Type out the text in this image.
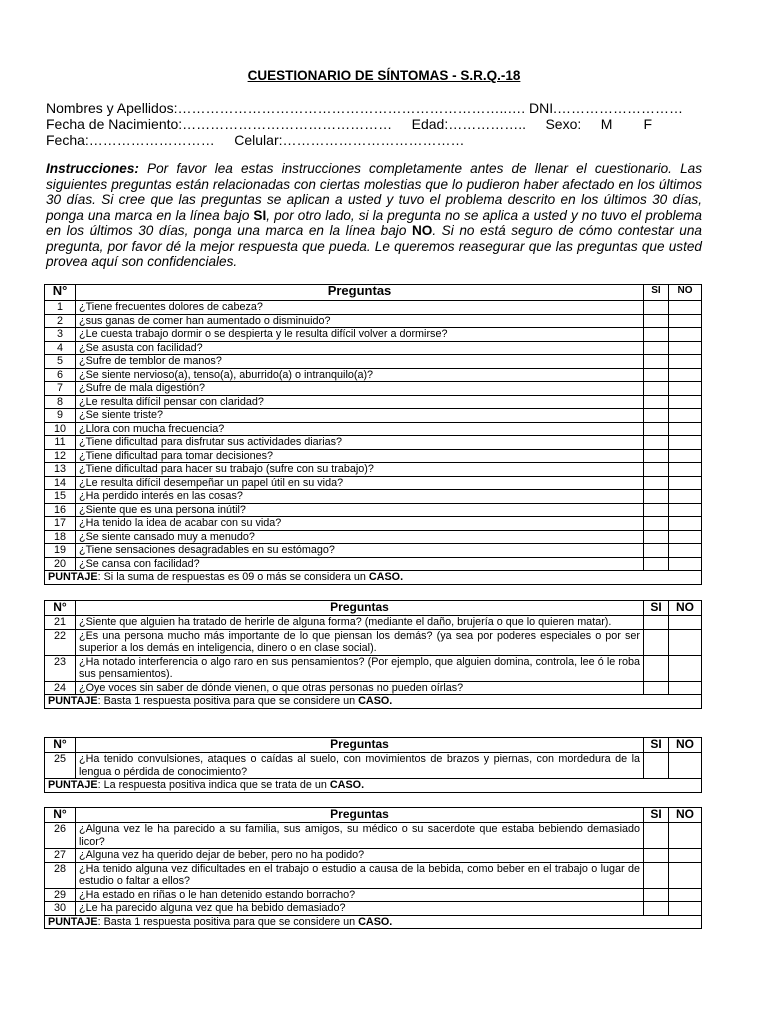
CUESTIONARIO DE SÍNTOMAS - S.R.Q.-18
Nombres y Apellidos:……………………………………………………………..…. DNI.………………………
Fecha de Nacimiento:………………………………………     Edad:……………..     Sexo:     M        F
Fecha:………………………     Celular:…………………………………
Instrucciones: Por favor lea estas instrucciones completamente antes de llenar el cuestionario. Las siguientes preguntas están relacionadas con ciertas molestias que lo pudieron haber afectado en los últimos 30 días. Si cree que las preguntas se aplican a usted y tuvo el problema descrito en los últimos 30 días, ponga una marca en la línea bajo SI, por otro lado, si la pregunta no se aplica a usted y no tuvo el problema en los últimos 30 días, ponga una marca en la línea bajo NO. Si no está seguro de cómo contestar una pregunta, por favor dé la mejor respuesta que pueda. Le queremos reasegurar que las preguntas que usted provea aquí son confidenciales.
N°	Preguntas	SI	NO
1	¿Tiene frecuentes dolores de cabeza?		
2	¿sus ganas de comer han aumentado o disminuido?		
3	¿Le cuesta trabajo dormir o se despierta y le resulta difícil volver a dormirse?		
4	¿Se asusta con facilidad?		
5	¿Sufre de temblor de manos?		
6	¿Se siente nervioso(a), tenso(a), aburrido(a) o intranquilo(a)?		
7	¿Sufre de mala digestión?		
8	¿Le resulta difícil pensar con claridad?		
9	¿Se siente triste?		
10	¿Llora con mucha frecuencia?		
11	¿Tiene dificultad para disfrutar sus actividades diarias?		
12	¿Tiene dificultad para tomar decisiones?		
13	¿Tiene dificultad para hacer su trabajo (sufre con su trabajo)?		
14	¿Le resulta difícil desempeñar un papel útil en su vida?		
15	¿Ha perdido interés en las cosas?		
16	¿Siente que es una persona inútil?		
17	¿Ha tenido la idea de acabar con su vida?		
18	¿Se siente cansado muy a menudo?		
19	¿Tiene sensaciones desagradables en su estómago?		
20	¿Se cansa con facilidad?		
PUNTAJE: Si la suma de respuestas es 09 o más se considera un CASO.			
N°	Preguntas	SI	NO
21	¿Siente que alguien ha tratado de herirle de alguna forma? (mediante el daño, brujería o que lo quieren matar).		
22	¿Es una persona mucho más importante de lo que piensan los demás? (ya sea por poderes especiales o por ser superior a los demás en inteligencia, dinero o en clase social).		
23	¿Ha notado interferencia o algo raro en sus pensamientos? (Por ejemplo, que alguien domina, controla, lee ó le roba sus pensamientos).		
24	¿Oye voces sin saber de dónde vienen, o que otras personas no pueden oírlas?		
PUNTAJE: Basta 1 respuesta positiva para que se considere un CASO.			
N°	Preguntas	SI	NO
25	¿Ha tenido convulsiones, ataques o caídas al suelo, con movimientos de brazos y piernas, con mordedura de la lengua o pérdida de conocimiento?		
PUNTAJE: La respuesta positiva indica que se trata de un CASO.			
N°	Preguntas	SI	NO
26	¿Alguna vez le ha parecido a su familia, sus amigos, su médico o su sacerdote que estaba bebiendo demasiado licor?		
27	¿Alguna vez ha querido dejar de beber, pero no ha podido?		
28	¿Ha tenido alguna vez dificultades en el trabajo o estudio a causa de la bebida, como beber en el trabajo o lugar de estudio o faltar a ellos?		
29	¿Ha estado en riñas o le han detenido estando borracho?		
30	¿Le ha parecido alguna vez que ha bebido demasiado?		
PUNTAJE: Basta 1 respuesta positiva para que se considere un CASO.			
